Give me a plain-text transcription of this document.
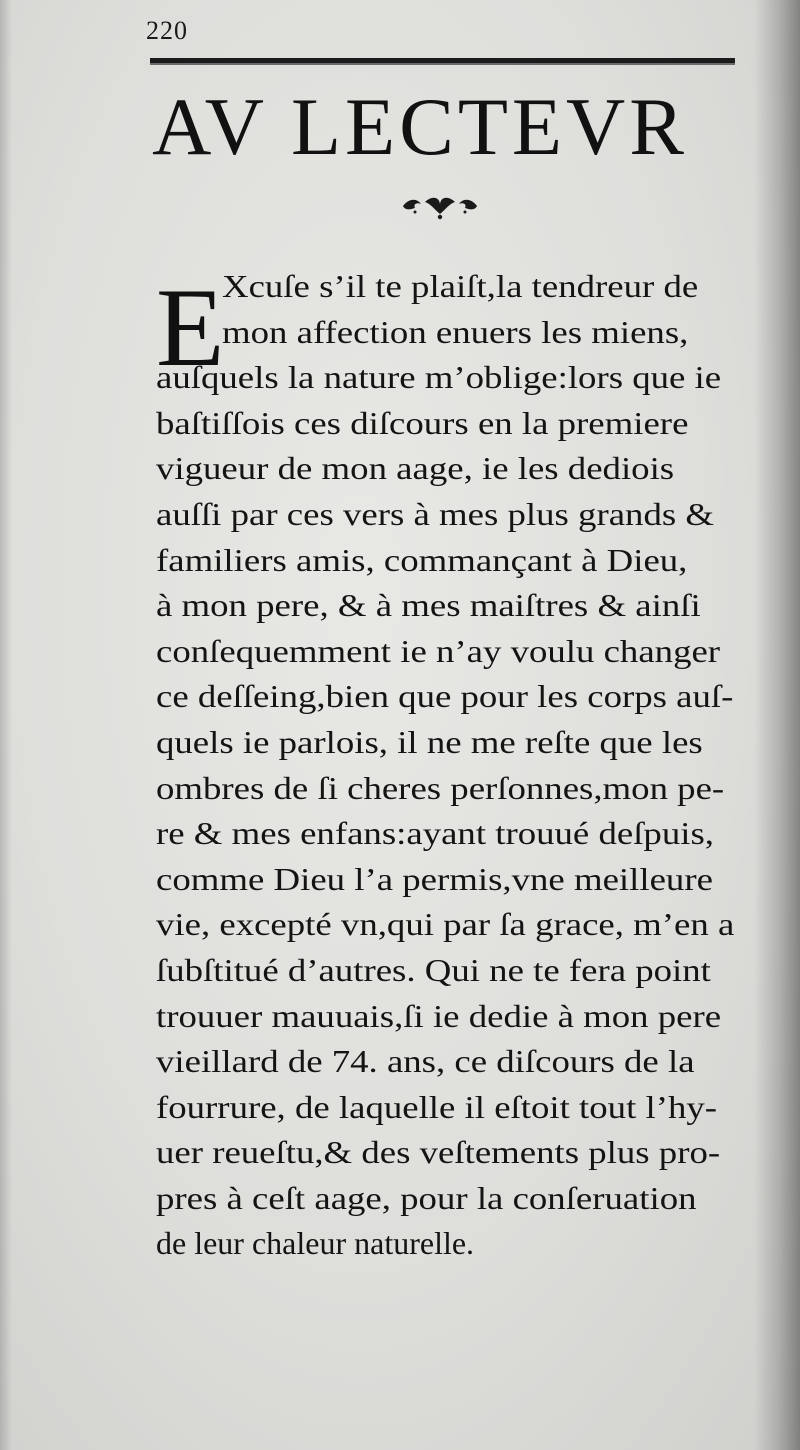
220
AV LECTEVR
E
Xcuſe s’il te plaiſt,la tendreur de
mon affection enuers les miens,
auſquels la nature m’oblige:lors que ie
baſtiſſois ces diſcours en la premiere
vigueur de mon aage, ie les dediois
auſſi par ces vers à mes plus grands &
familiers amis, commançant à Dieu,
à mon pere, & à mes maiſtres & ainſi
conſequemment ie n’ay voulu changer
ce deſſeing,bien que pour les corps auſ-
quels ie parlois, il ne me reſte que les
ombres de ſi cheres perſonnes,mon pe-
re & mes enfans:ayant trouué deſpuis,
comme Dieu l’a permis,vne meilleure
vie, excepté vn,qui par ſa grace, m’en a
ſubſtitué d’autres. Qui ne te fera point
trouuer mauuais,ſi ie dedie à mon pere
vieillard de 74. ans, ce diſcours de la
fourrure, de laquelle il eſtoit tout l’hy-
uer reueſtu,& des veſtements plus pro-
pres à ceſt aage, pour la conſeruation
de leur chaleur naturelle.
